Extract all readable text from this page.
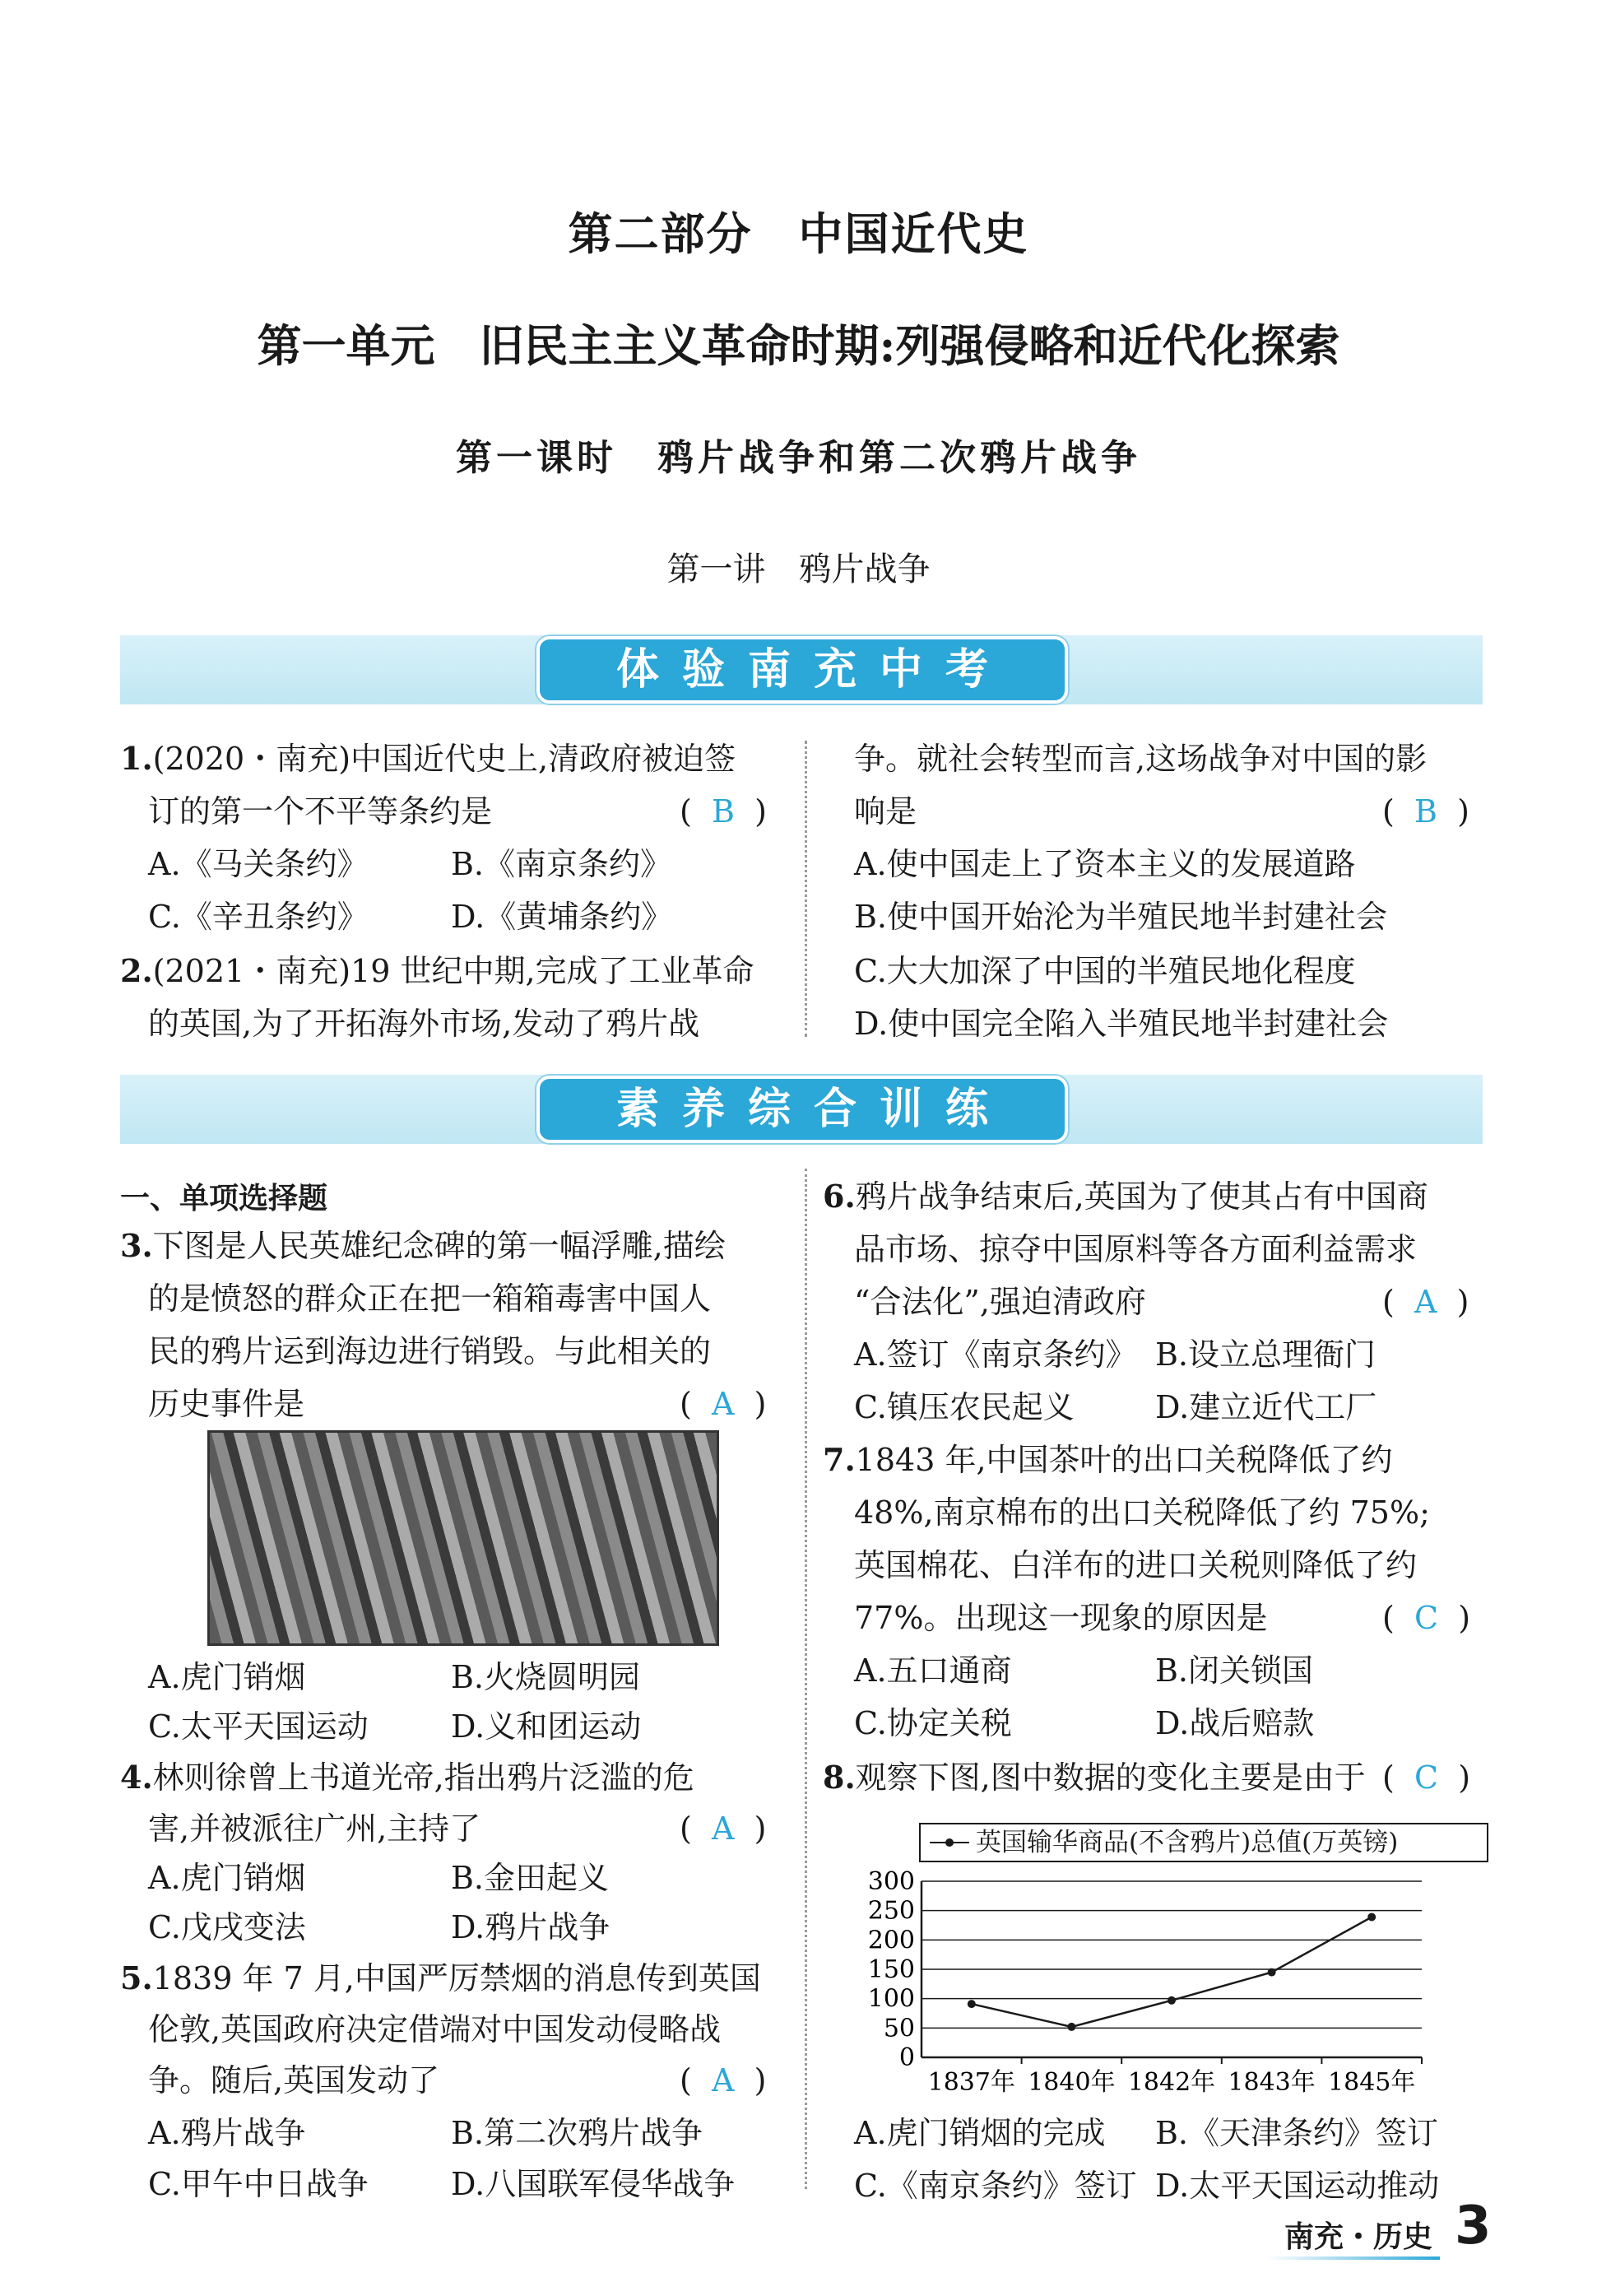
第二部分　中国近代史
第一单元　旧民主主义革命时期:列强侵略和近代化探索
第一课时　鸦片战争和第二次鸦片战争
第一讲　鸦片战争
体验南充中考
1.(2020・南充)中国近代史上,清政府被迫签
订的第一个不平等条约是	(  B  )
A.《马关条约》	B.《南京条约》
C.《辛丑条约》	D.《黄埔条约》
2.(2021・南充)19 世纪中期,完成了工业革命
的英国,为了开拓海外市场,发动了鸦片战
争。就社会转型而言,这场战争对中国的影
响是	(  B  )
A.使中国走上了资本主义的发展道路
B.使中国开始沦为半殖民地半封建社会
C.大大加深了中国的半殖民地化程度
D.使中国完全陷入半殖民地半封建社会
素养综合训练
一、单项选择题
3.下图是人民英雄纪念碑的第一幅浮雕,描绘
的是愤怒的群众正在把一箱箱毒害中国人
民的鸦片运到海边进行销毁。与此相关的
历史事件是	(  A  )
A.虎门销烟	B.火烧圆明园
C.太平天国运动	D.义和团运动
4.林则徐曾上书道光帝,指出鸦片泛滥的危
害,并被派往广州,主持了	(  A  )
A.虎门销烟	B.金田起义
C.戊戌变法	D.鸦片战争
5.1839 年 7 月,中国严厉禁烟的消息传到英国
伦敦,英国政府决定借端对中国发动侵略战
争。随后,英国发动了	(  A  )
A.鸦片战争	B.第二次鸦片战争
C.甲午中日战争	D.八国联军侵华战争
6.鸦片战争结束后,英国为了使其占有中国商
品市场、掠夺中国原料等各方面利益需求
“合法化”,强迫清政府	(  A  )
A.签订《南京条约》 B.设立总理衙门
C.镇压农民起义	D.建立近代工厂
7.1843 年,中国茶叶的出口关税降低了约
48%,南京棉布的出口关税降低了约 75%;
英国棉花、白洋布的进口关税则降低了约
77%。出现这一现象的原因是	(  C  )
A.五口通商	B.闭关锁国
C.协定关税	D.战后赔款
8.观察下图,图中数据的变化主要是由于 (  C  )
英国输华商品(不含鸦片)总值(万英镑)
0
50
100
150
200
250
300
1837年 1840年 1842年 1843年 1845年
A.虎门销烟的完成 B.《天津条约》签订
C.《南京条约》签订 D.太平天国运动推动
南充・历史 3
